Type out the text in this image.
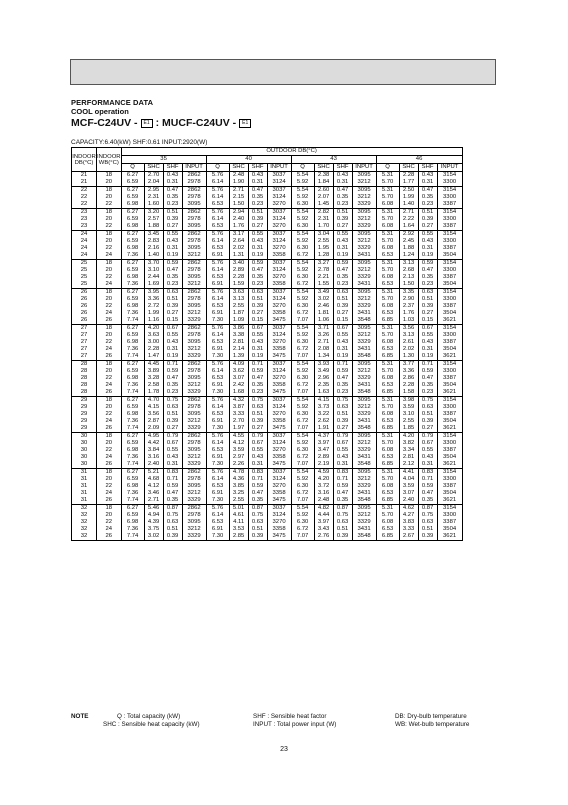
PERFORMANCE DATA
COOL operation
MCF-C24UV -	E1 : MUCF-C24UV -	E1
CAPACITY:6.40(kW) SHF:0.61 INPUT:2920(W)
INDOOR DB(°C)	INDOOR WB(°C)	OUTDOOR DB(°C)															
		35				40				43				46			
		Q	SHC	SHF	INPUT	Q	SHC	SHF	INPUT	Q	SHC	SHF	INPUT	Q	SHC	SHF	INPUT
21	18	6.27	2.70	0.43	2862	5.76	2.48	0.43	3037	5.54	2.38	0.43	3095	5.31	2.28	0.43	3154
21	20	6.59	2.04	0.31	2978	6.14	1.90	0.31	3124	5.92	1.84	0.31	3212	5.70	1.77	0.31	3300
22	18	6.27	2.95	0.47	2862	5.76	2.71	0.47	3037	5.54	2.60	0.47	3095	5.31	2.50	0.47	3154
22	20	6.59	2.31	0.35	2978	6.14	2.15	0.35	3124	5.92	2.07	0.35	3212	5.70	1.99	0.35	3300
22	22	6.98	1.60	0.23	3095	6.53	1.50	0.23	3270	6.30	1.45	0.23	3329	6.08	1.40	0.23	3387
23	18	6.27	3.20	0.51	2862	5.76	2.94	0.51	3037	5.54	2.82	0.51	3095	5.31	2.71	0.51	3154
23	20	6.59	2.57	0.39	2978	6.14	2.40	0.39	3124	5.92	2.31	0.39	3212	5.70	2.22	0.39	3300
23	22	6.98	1.88	0.27	3095	6.53	1.76	0.27	3270	6.30	1.70	0.27	3329	6.08	1.64	0.27	3387
24	18	6.27	3.45	0.55	2862	5.76	3.17	0.55	3037	5.54	3.04	0.55	3095	5.31	2.92	0.55	3154
24	20	6.59	2.83	0.43	2978	6.14	2.64	0.43	3124	5.92	2.55	0.43	3212	5.70	2.45	0.43	3300
24	22	6.98	2.16	0.31	3095	6.53	2.02	0.31	3270	6.30	1.95	0.31	3329	6.08	1.88	0.31	3387
24	24	7.36	1.40	0.19	3212	6.91	1.31	0.19	3358	6.72	1.28	0.19	3431	6.53	1.24	0.19	3504
25	18	6.27	3.70	0.59	2862	5.76	3.40	0.59	3037	5.54	3.27	0.59	3095	5.31	3.13	0.59	3154
25	20	6.59	3.10	0.47	2978	6.14	2.89	0.47	3124	5.92	2.78	0.47	3212	5.70	2.68	0.47	3300
25	22	6.98	2.44	0.35	3095	6.53	2.28	0.35	3270	6.30	2.21	0.35	3329	6.08	2.13	0.35	3387
25	24	7.36	1.69	0.23	3212	6.91	1.59	0.23	3358	6.72	1.55	0.23	3431	6.53	1.50	0.23	3504
26	18	6.27	3.95	0.63	2862	5.76	3.63	0.63	3037	5.54	3.49	0.63	3095	5.31	3.35	0.63	3154
26	20	6.59	3.36	0.51	2978	6.14	3.13	0.51	3124	5.92	3.02	0.51	3212	5.70	2.90	0.51	3300
26	22	6.98	2.72	0.39	3095	6.53	2.55	0.39	3270	6.30	2.46	0.39	3329	6.08	2.37	0.39	3387
26	24	7.36	1.99	0.27	3212	6.91	1.87	0.27	3358	6.72	1.81	0.27	3431	6.53	1.76	0.27	3504
26	26	7.74	1.16	0.15	3329	7.30	1.09	0.15	3475	7.07	1.06	0.15	3548	6.85	1.03	0.15	3621
27	18	6.27	4.20	0.67	2862	5.76	3.86	0.67	3037	5.54	3.71	0.67	3095	5.31	3.56	0.67	3154
27	20	6.59	3.63	0.55	2978	6.14	3.38	0.55	3124	5.92	3.26	0.55	3212	5.70	3.13	0.55	3300
27	22	6.98	3.00	0.43	3095	6.53	2.81	0.43	3270	6.30	2.71	0.43	3329	6.08	2.61	0.43	3387
27	24	7.36	2.28	0.31	3212	6.91	2.14	0.31	3358	6.72	2.08	0.31	3431	6.53	2.02	0.31	3504
27	26	7.74	1.47	0.19	3329	7.30	1.39	0.19	3475	7.07	1.34	0.19	3548	6.85	1.30	0.19	3621
28	18	6.27	4.45	0.71	2862	5.76	4.09	0.71	3037	5.54	3.93	0.71	3095	5.31	3.77	0.71	3154
28	20	6.59	3.89	0.59	2978	6.14	3.62	0.59	3124	5.92	3.49	0.59	3212	5.70	3.36	0.59	3300
28	22	6.98	3.28	0.47	3095	6.53	3.07	0.47	3270	6.30	2.96	0.47	3329	6.08	2.86	0.47	3387
28	24	7.36	2.58	0.35	3212	6.91	2.42	0.35	3358	6.72	2.35	0.35	3431	6.53	2.28	0.35	3504
28	26	7.74	1.78	0.23	3329	7.30	1.68	0.23	3475	7.07	1.63	0.23	3548	6.85	1.58	0.23	3621
29	18	6.27	4.70	0.75	2862	5.76	4.32	0.75	3037	5.54	4.15	0.75	3095	5.31	3.98	0.75	3154
29	20	6.59	4.15	0.63	2978	6.14	3.87	0.63	3124	5.92	3.73	0.63	3212	5.70	3.59	0.63	3300
29	22	6.98	3.56	0.51	3095	6.53	3.33	0.51	3270	6.30	3.22	0.51	3329	6.08	3.10	0.51	3387
29	24	7.36	2.87	0.39	3212	6.91	2.70	0.39	3358	6.72	2.62	0.39	3431	6.53	2.55	0.39	3504
29	26	7.74	2.09	0.27	3329	7.30	1.97	0.27	3475	7.07	1.91	0.27	3548	6.85	1.85	0.27	3621
30	18	6.27	4.95	0.79	2862	5.76	4.55	0.79	3037	5.54	4.37	0.79	3095	5.31	4.20	0.79	3154
30	20	6.59	4.42	0.67	2978	6.14	4.12	0.67	3124	5.92	3.97	0.67	3212	5.70	3.82	0.67	3300
30	22	6.98	3.84	0.55	3095	6.53	3.59	0.55	3270	6.30	3.47	0.55	3329	6.08	3.34	0.55	3387
30	24	7.36	3.16	0.43	3212	6.91	2.97	0.43	3358	6.72	2.89	0.43	3431	6.53	2.81	0.43	3504
30	26	7.74	2.40	0.31	3329	7.30	2.26	0.31	3475	7.07	2.19	0.31	3548	6.85	2.12	0.31	3621
31	18	6.27	5.21	0.83	2862	5.76	4.78	0.83	3037	5.54	4.59	0.83	3095	5.31	4.41	0.83	3154
31	20	6.59	4.68	0.71	2978	6.14	4.36	0.71	3124	5.92	4.20	0.71	3212	5.70	4.04	0.71	3300
31	22	6.98	4.12	0.59	3095	6.53	3.85	0.59	3270	6.30	3.72	0.59	3329	6.08	3.59	0.59	3387
31	24	7.36	3.46	0.47	3212	6.91	3.25	0.47	3358	6.72	3.16	0.47	3431	6.53	3.07	0.47	3504
31	26	7.74	2.71	0.35	3329	7.30	2.55	0.35	3475	7.07	2.48	0.35	3548	6.85	2.40	0.35	3621
32	18	6.27	5.46	0.87	2862	5.76	5.01	0.87	3037	5.54	4.82	0.87	3095	5.31	4.62	0.87	3154
32	20	6.59	4.94	0.75	2978	6.14	4.61	0.75	3124	5.92	4.44	0.75	3212	5.70	4.27	0.75	3300
32	22	6.98	4.39	0.63	3095	6.53	4.11	0.63	3270	6.30	3.97	0.63	3329	6.08	3.83	0.63	3387
32	24	7.36	3.75	0.51	3212	6.91	3.53	0.51	3358	6.72	3.43	0.51	3431	6.53	3.33	0.51	3504
32	26	7.74	3.02	0.39	3329	7.30	2.85	0.39	3475	7.07	2.76	0.39	3548	6.85	2.67	0.39	3621
NOTE	Q : Total capacity (kW)	SHF : Sensible heat factor	DB: Dry-bulb temperature
SHC : Sensible heat capacity (kW)	INPUT : Total power input (W)	WB: Wet-bulb temperature
23
